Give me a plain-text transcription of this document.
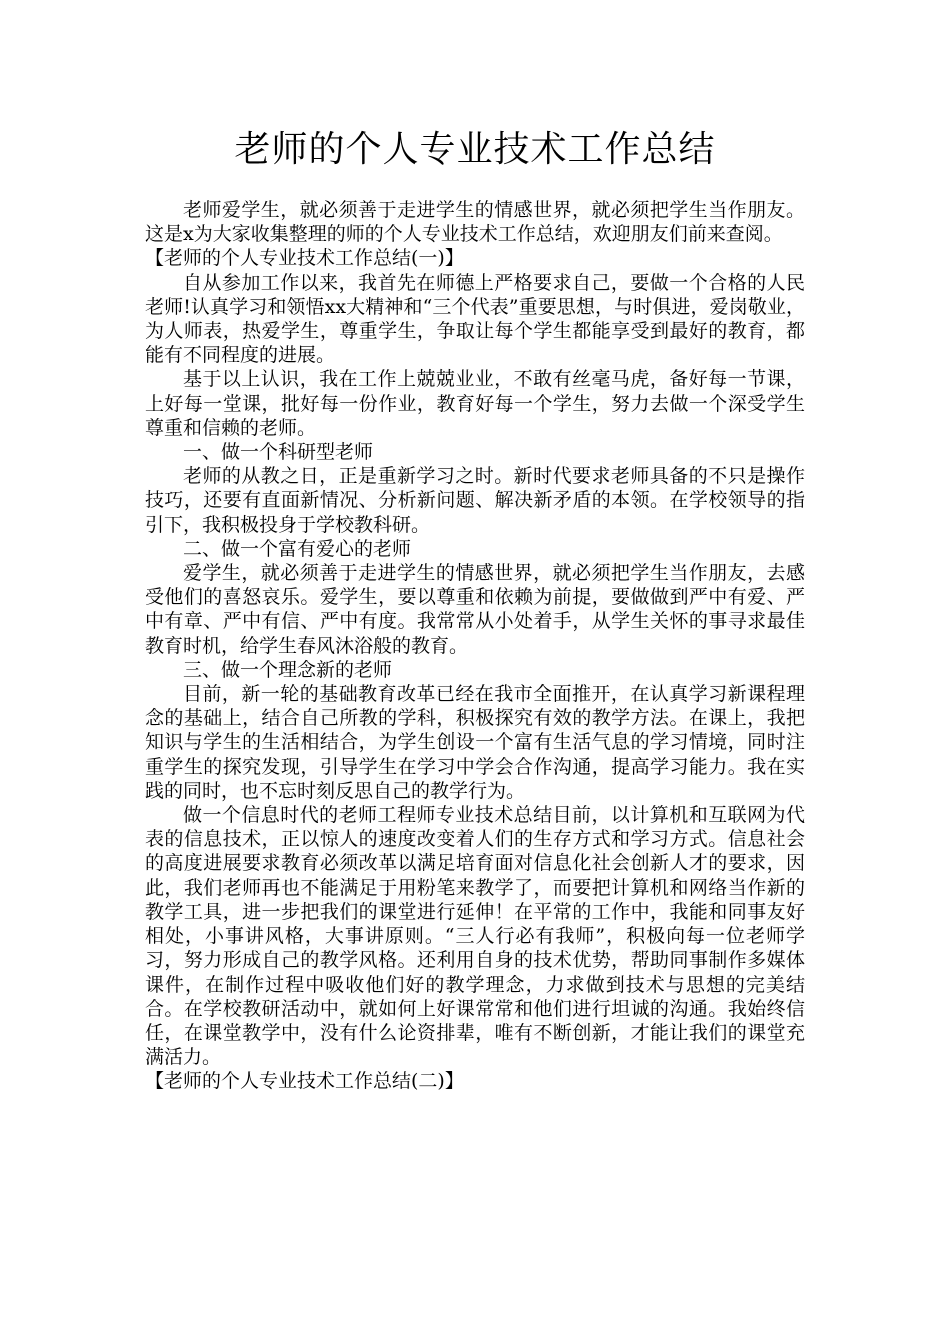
老师的个人专业技术工作总结

老师爱学生，就必须善于走进学生的情感世界，就必须把学生当作朋友。这是x为大家收集整理的师的个人专业技术工作总结，欢迎朋友们前来查阅。

【老师的个人专业技术工作总结(一)】

自从参加工作以来，我首先在师德上严格要求自己，要做一个合格的人民老师!认真学习和领悟xx大精神和“三个代表”重要思想，与时俱进，爱岗敬业，为人师表，热爱学生，尊重学生，争取让每个学生都能享受到最好的教育，都能有不同程度的进展。

基于以上认识，我在工作上兢兢业业，不敢有丝毫马虎，备好每一节课，上好每一堂课，批好每一份作业，教育好每一个学生，努力去做一个深受学生尊重和信赖的老师。

一、做一个科研型老师

老师的从教之日，正是重新学习之时。新时代要求老师具备的不只是操作技巧，还要有直面新情况、分析新问题、解决新矛盾的本领。在学校领导的指引下，我积极投身于学校教科研。

二、做一个富有爱心的老师

爱学生，就必须善于走进学生的情感世界，就必须把学生当作朋友，去感受他们的喜怒哀乐。爱学生，要以尊重和依赖为前提，要做做到严中有爱、严中有章、严中有信、严中有度。我常常从小处着手，从学生关怀的事寻求最佳教育时机，给学生春风沐浴般的教育。

三、做一个理念新的老师

目前，新一轮的基础教育改革已经在我市全面推开，在认真学习新课程理念的基础上，结合自己所教的学科，积极探究有效的教学方法。在课上，我把知识与学生的生活相结合，为学生创设一个富有生活气息的学习情境，同时注重学生的探究发现，引导学生在学习中学会合作沟通，提高学习能力。我在实践的同时，也不忘时刻反思自己的教学行为。

做一个信息时代的老师工程师专业技术总结目前，以计算机和互联网为代表的信息技术，正以惊人的速度改变着人们的生存方式和学习方式。信息社会的高度进展要求教育必须改革以满足培育面对信息化社会创新人才的要求，因此，我们老师再也不能满足于用粉笔来教学了，而要把计算机和网络当作新的教学工具，进一步把我们的课堂进行延伸！在平常的工作中，我能和同事友好相处，小事讲风格，大事讲原则。“三人行必有我师”，积极向每一位老师学习，努力形成自己的教学风格。还利用自身的技术优势，帮助同事制作多媒体课件，在制作过程中吸收他们好的教学理念，力求做到技术与思想的完美结合。在学校教研活动中，就如何上好课常常和他们进行坦诚的沟通。我始终信任，在课堂教学中，没有什么论资排辈，唯有不断创新，才能让我们的课堂充满活力。

【老师的个人专业技术工作总结(二)】
